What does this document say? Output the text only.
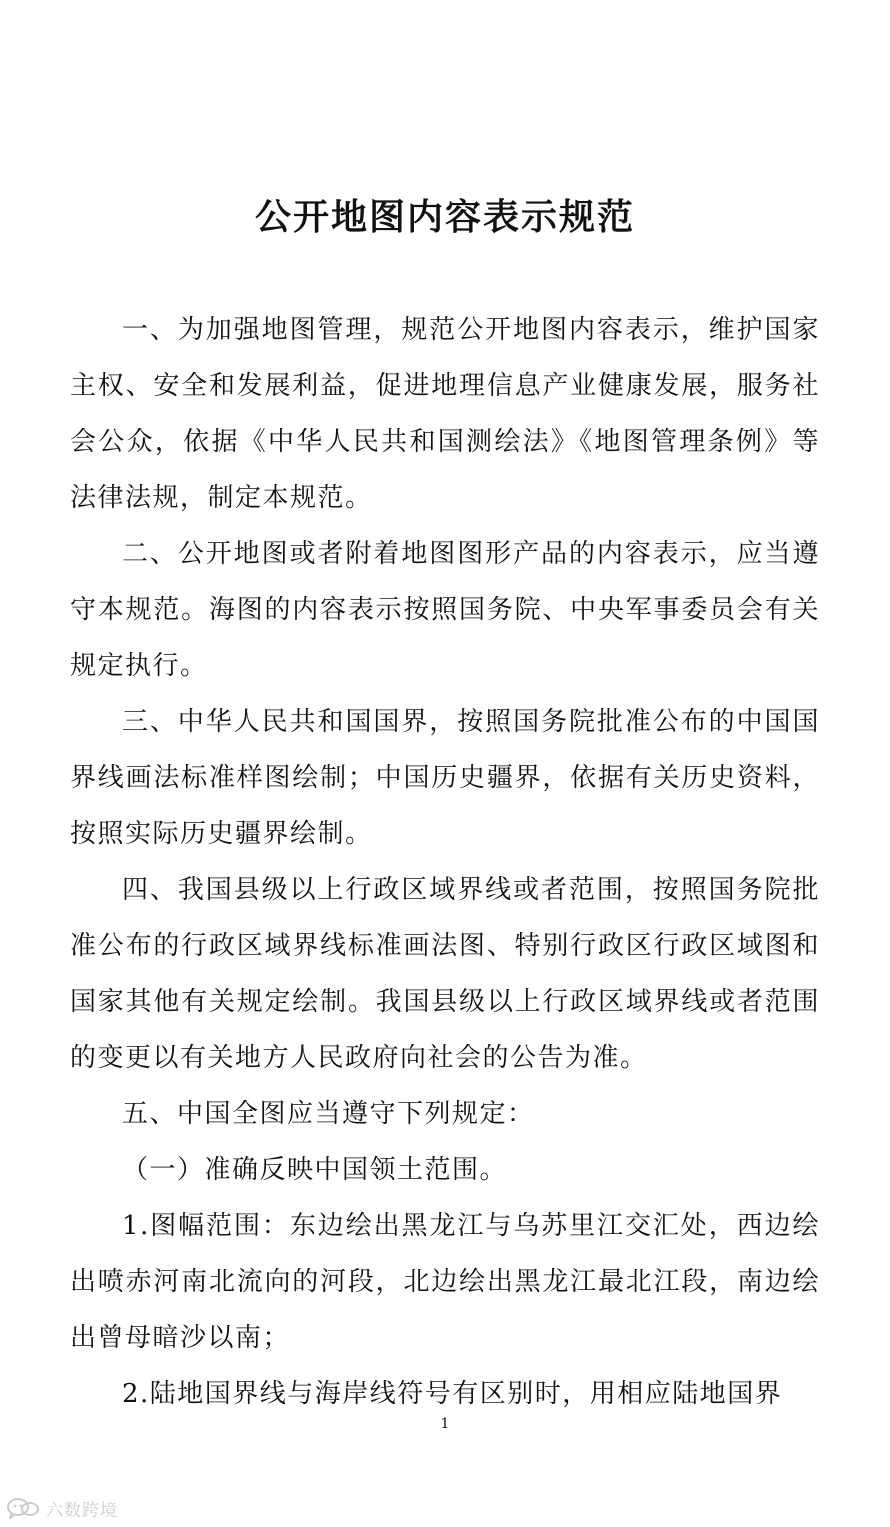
公开地图内容表示规范

一、为加强地图管理，规范公开地图内容表示，维护国家主权、安全和发展利益，促进地理信息产业健康发展，服务社会公众，依据《中华人民共和国测绘法》《地图管理条例》等法律法规，制定本规范。

二、公开地图或者附着地图图形产品的内容表示，应当遵守本规范。海图的内容表示按照国务院、中央军事委员会有关规定执行。

三、中华人民共和国国界，按照国务院批准公布的中国国界线画法标准样图绘制；中国历史疆界，依据有关历史资料，按照实际历史疆界绘制。

四、我国县级以上行政区域界线或者范围，按照国务院批准公布的行政区域界线标准画法图、特别行政区行政区域图和国家其他有关规定绘制。我国县级以上行政区域界线或者范围的变更以有关地方人民政府向社会的公告为准。

五、中国全图应当遵守下列规定：

（一）准确反映中国领土范围。

1.图幅范围：东边绘出黑龙江与乌苏里江交汇处，西边绘出喷赤河南北流向的河段，北边绘出黑龙江最北江段，南边绘出曾母暗沙以南；

2.陆地国界线与海岸线符号有区别时，用相应陆地国界

1
六数跨境
